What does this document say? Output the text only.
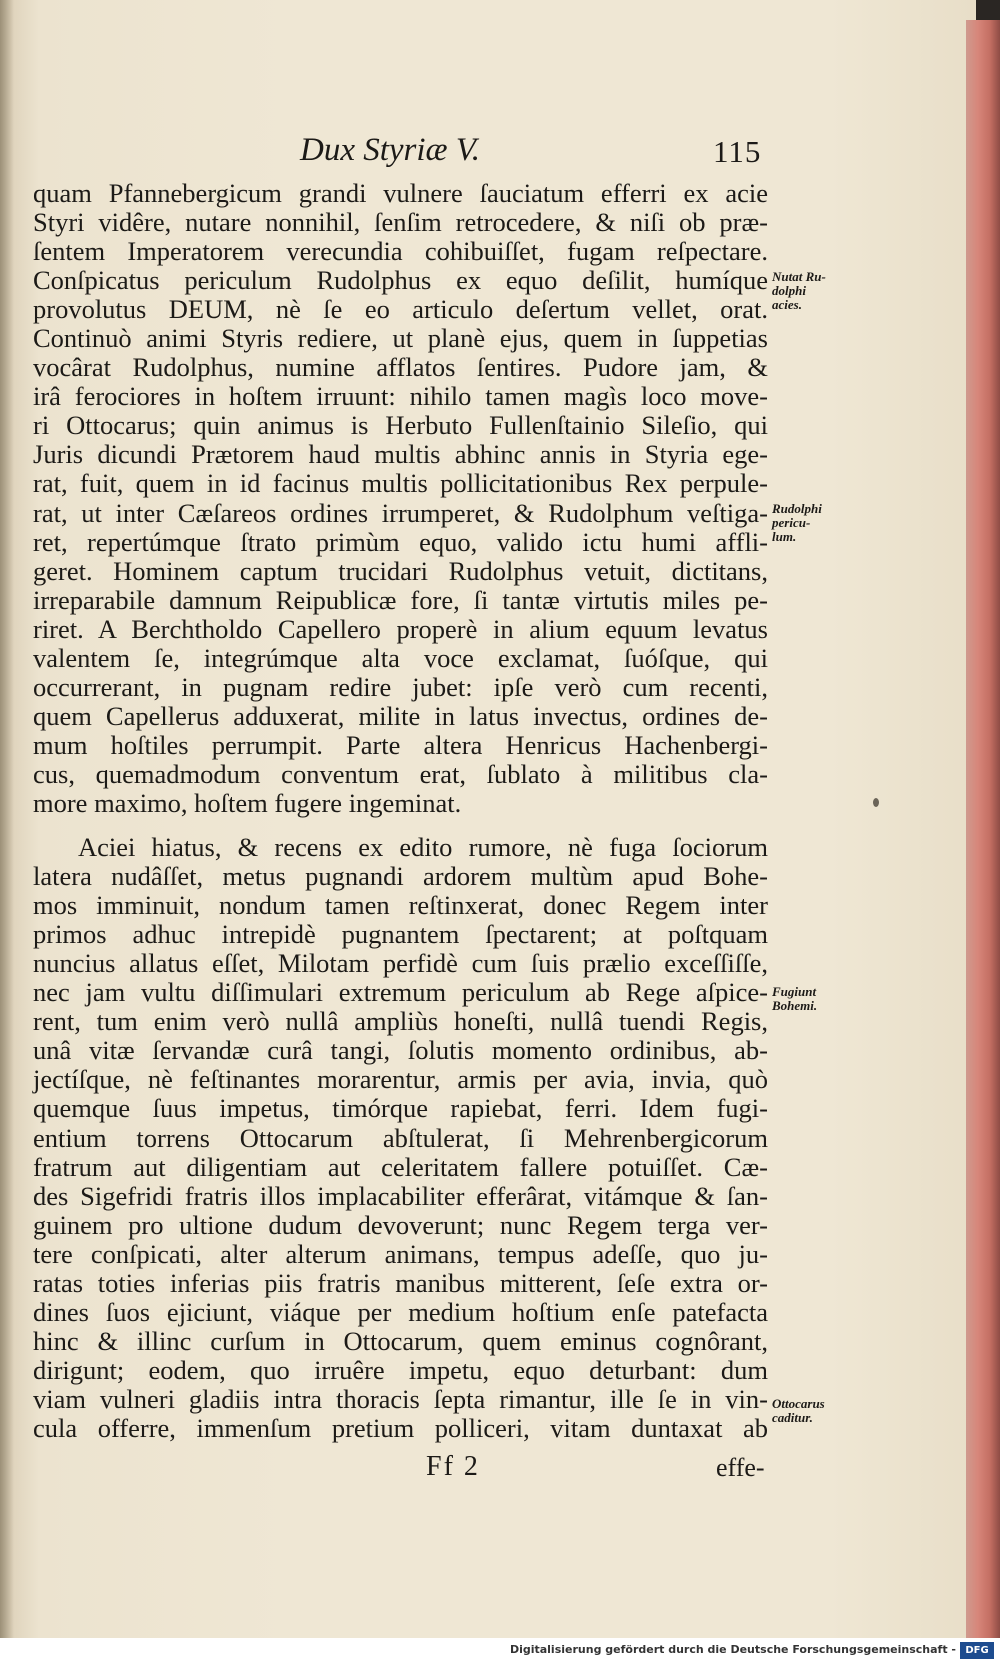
Dux Styriæ V.	115
quam Pfannebergicum grandi vulnere ſauciatum efferri ex acie
Styri vidêre, nutare nonnihil, ſenſim retrocedere, & niſi ob præ-
ſentem Imperatorem verecundia cohibuiſſet, fugam reſpectare.
Conſpicatus periculum Rudolphus ex equo deſilit, humíque
provolutus DEUM, nè ſe eo articulo deſertum vellet, orat.
Continuò animi Styris rediere, ut planè ejus, quem in ſuppetias
vocârat Rudolphus, numine afflatos ſentires. Pudore jam, &
irâ ferociores in hoſtem irruunt: nihilo tamen magìs loco move-
ri Ottocarus; quin animus is Herbuto Fullenſtainio Sileſio, qui
Juris dicundi Prætorem haud multis abhinc annis in Styria ege-
rat, fuit, quem in id facinus multis pollicitationibus Rex perpule-
rat, ut inter Cæſareos ordines irrumperet, & Rudolphum veſtiga-
ret, repertúmque ſtrato primùm equo, valido ictu humi affli-
geret. Hominem captum trucidari Rudolphus vetuit, dictitans,
irreparabile damnum Reipublicæ fore, ſi tantæ virtutis miles pe-
riret. A Berchtholdo Capellero properè in alium equum levatus
valentem ſe, integrúmque alta voce exclamat, ſuóſque, qui
occurrerant, in pugnam redire jubet: ipſe verò cum recenti,
quem Capellerus adduxerat, milite in latus invectus, ordines de-
mum hoſtiles perrumpit. Parte altera Henricus Hachenbergi-
cus, quemadmodum conventum erat, ſublato à militibus cla-
more maximo, hoſtem fugere ingeminat.
Aciei hiatus, & recens ex edito rumore, nè fuga ſociorum
latera nudâſſet, metus pugnandi ardorem multùm apud Bohe-
mos imminuit, nondum tamen reſtinxerat, donec Regem inter
primos adhuc intrepidè pugnantem ſpectarent; at poſtquam
nuncius allatus eſſet, Milotam perfidè cum ſuis prælio exceſſiſſe,
nec jam vultu diſſimulari extremum periculum ab Rege aſpice-
rent, tum enim verò nullâ ampliùs honeſti, nullâ tuendi Regis,
unâ vitæ ſervandæ curâ tangi, ſolutis momento ordinibus, ab-
jectíſque, nè feſtinantes morarentur, armis per avia, invia, quò
quemque ſuus impetus, timórque rapiebat, ferri. Idem fugi-
entium torrens Ottocarum abſtulerat, ſi Mehrenbergicorum
fratrum aut diligentiam aut celeritatem fallere potuiſſet. Cæ-
des Sigefridi fratris illos implacabiliter efferârat, vitámque & ſan-
guinem pro ultione dudum devoverunt; nunc Regem terga ver-
tere conſpicati, alter alterum animans, tempus adeſſe, quo ju-
ratas toties inferias piis fratris manibus mitterent, ſeſe extra or-
dines ſuos ejiciunt, viáque per medium hoſtium enſe patefacta
hinc & illinc curſum in Ottocarum, quem eminus cognôrant,
dirigunt; eodem, quo irruêre impetu, equo deturbant: dum
viam vulneri gladiis intra thoracis ſepta rimantur, ille ſe in vin-
cula offerre, immenſum pretium polliceri, vitam duntaxat ab
Nutat Ru-
dolphi
acies.
Rudolphi
pericu-
lum.
Fugiunt
Bohemi.
Ottocarus
caditur.
Ff 2	effe-
Digitalisierung gefördert durch die Deutsche Forschungsgemeinschaft - DFG
